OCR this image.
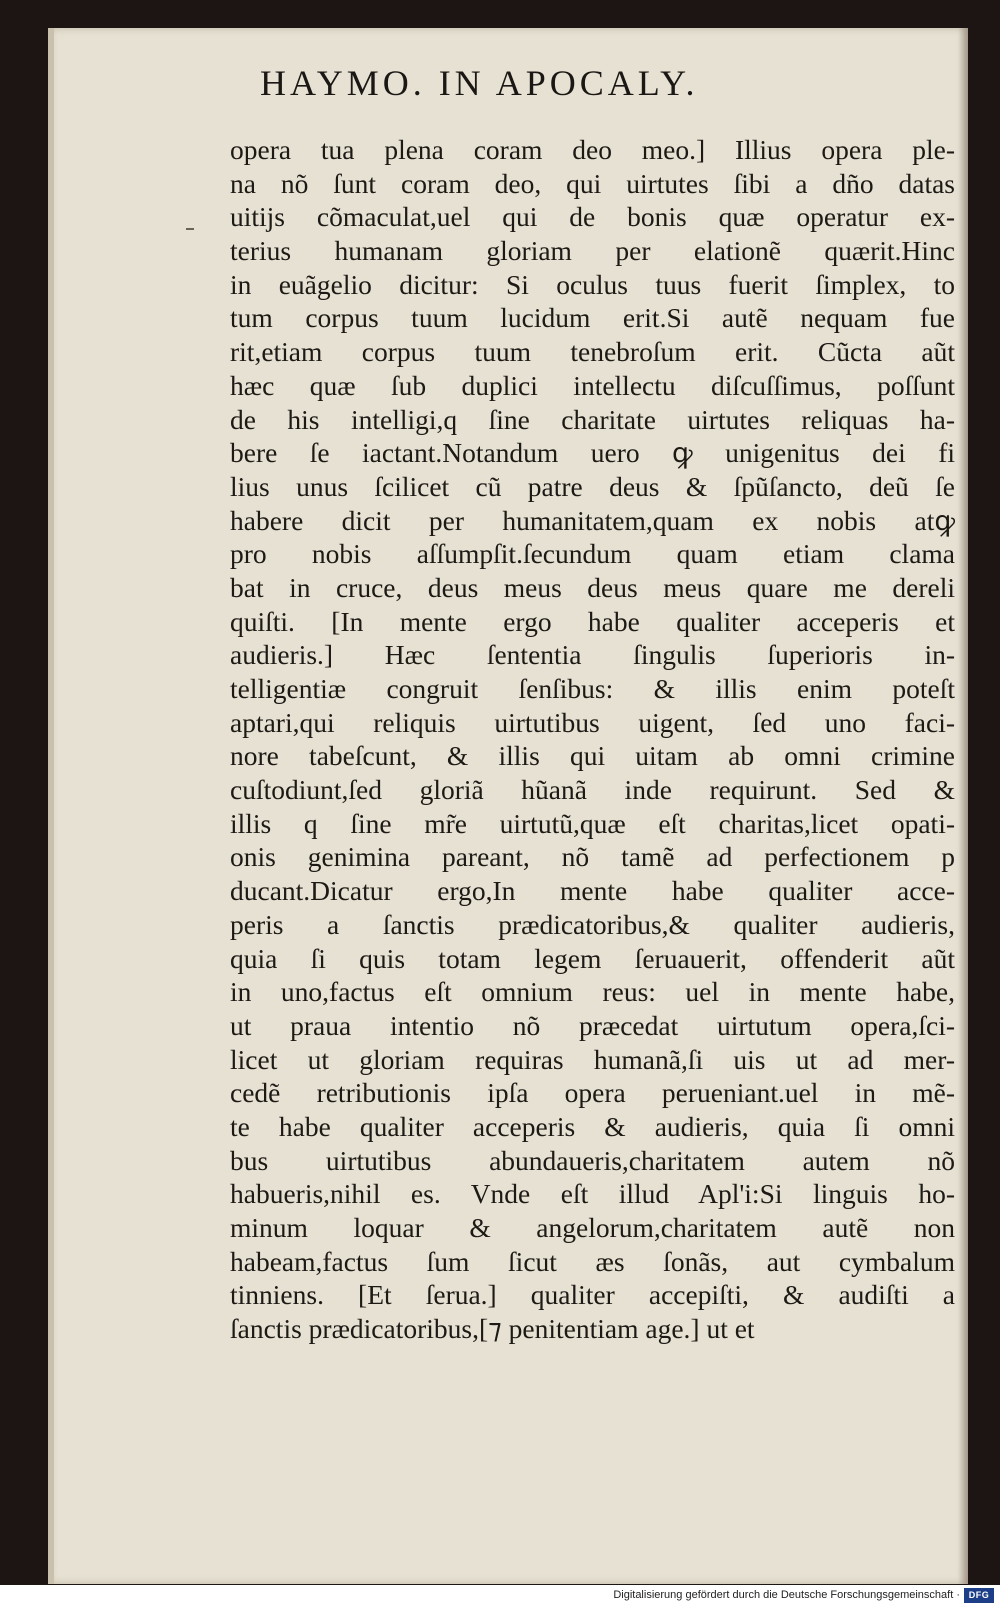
HAYMO. IN APOCALY.
opera tua plena coram deo meo.] Illius opera ple-
na nõ ſunt coram deo, qui uirtutes ſibi a dño datas
uitijs cõmaculat,uel qui de bonis quæ operatur ex-
terius humanam gloriam per elationẽ quærit.Hinc
in euãgelio dicitur: Si oculus tuus fuerit ſimplex, to
tum corpus tuum lucidum erit.Si autẽ nequam fue
rit,etiam corpus tuum tenebroſum erit. Cũcta aũt
hæc quæ ſub duplici intellectu diſcuſſimus, poſſunt
de his intelligi,q ſine charitate uirtutes reliquas ha-
bere ſe iactant.Notandum uero ꝙ unigenitus dei fi
lius unus ſcilicet cũ patre deus & ſpũſancto, deũ ſe
habere dicit per humanitatem,quam ex nobis atꝙ
pro nobis aſſumpſit.ſecundum quam etiam clama
bat in cruce, deus meus deus meus quare me dereli
quiſti. [In mente ergo habe qualiter acceperis et
audieris.] Hæc ſententia ſingulis ſuperioris in-
telligentiæ congruit ſenſibus: & illis enim poteſt
aptari,qui reliquis uirtutibus uigent, ſed uno faci-
nore tabeſcunt, & illis qui uitam ab omni crimine
cuſtodiunt,ſed gloriã hũanã inde requirunt. Sed &
illis q ſine mr̃e uirtutũ,quæ eſt charitas,licet opati-
onis genimina pareant, nõ tamẽ ad perfectionem p
ducant.Dicatur ergo,In mente habe qualiter acce-
peris a ſanctis prædicatoribus,& qualiter audieris,
quia ſi quis totam legem ſeruauerit, offenderit aũt
in uno,factus eſt omnium reus: uel in mente habe,
ut praua intentio nõ præcedat uirtutum opera,ſci-
licet ut gloriam requiras humanã,ſi uis ut ad mer-
cedẽ retributionis ipſa opera perueniant.uel in mẽ-
te habe qualiter acceperis & audieris, quia ſi omni
bus uirtutibus abundaueris,charitatem autem nõ
habueris,nihil es. Vnde eſt illud Apl'i:Si linguis ho-
minum loquar & angelorum,charitatem autẽ non
habeam,factus ſum ſicut æs ſonãs, aut cymbalum
tinniens. [Et ſerua.] qualiter accepiſti, & audiſti a
ſanctis prædicatoribus,[⁊ penitentiam age.] ut et
Digitalisierung gefördert durch die Deutsche Forschungsgemeinschaft · DFG
